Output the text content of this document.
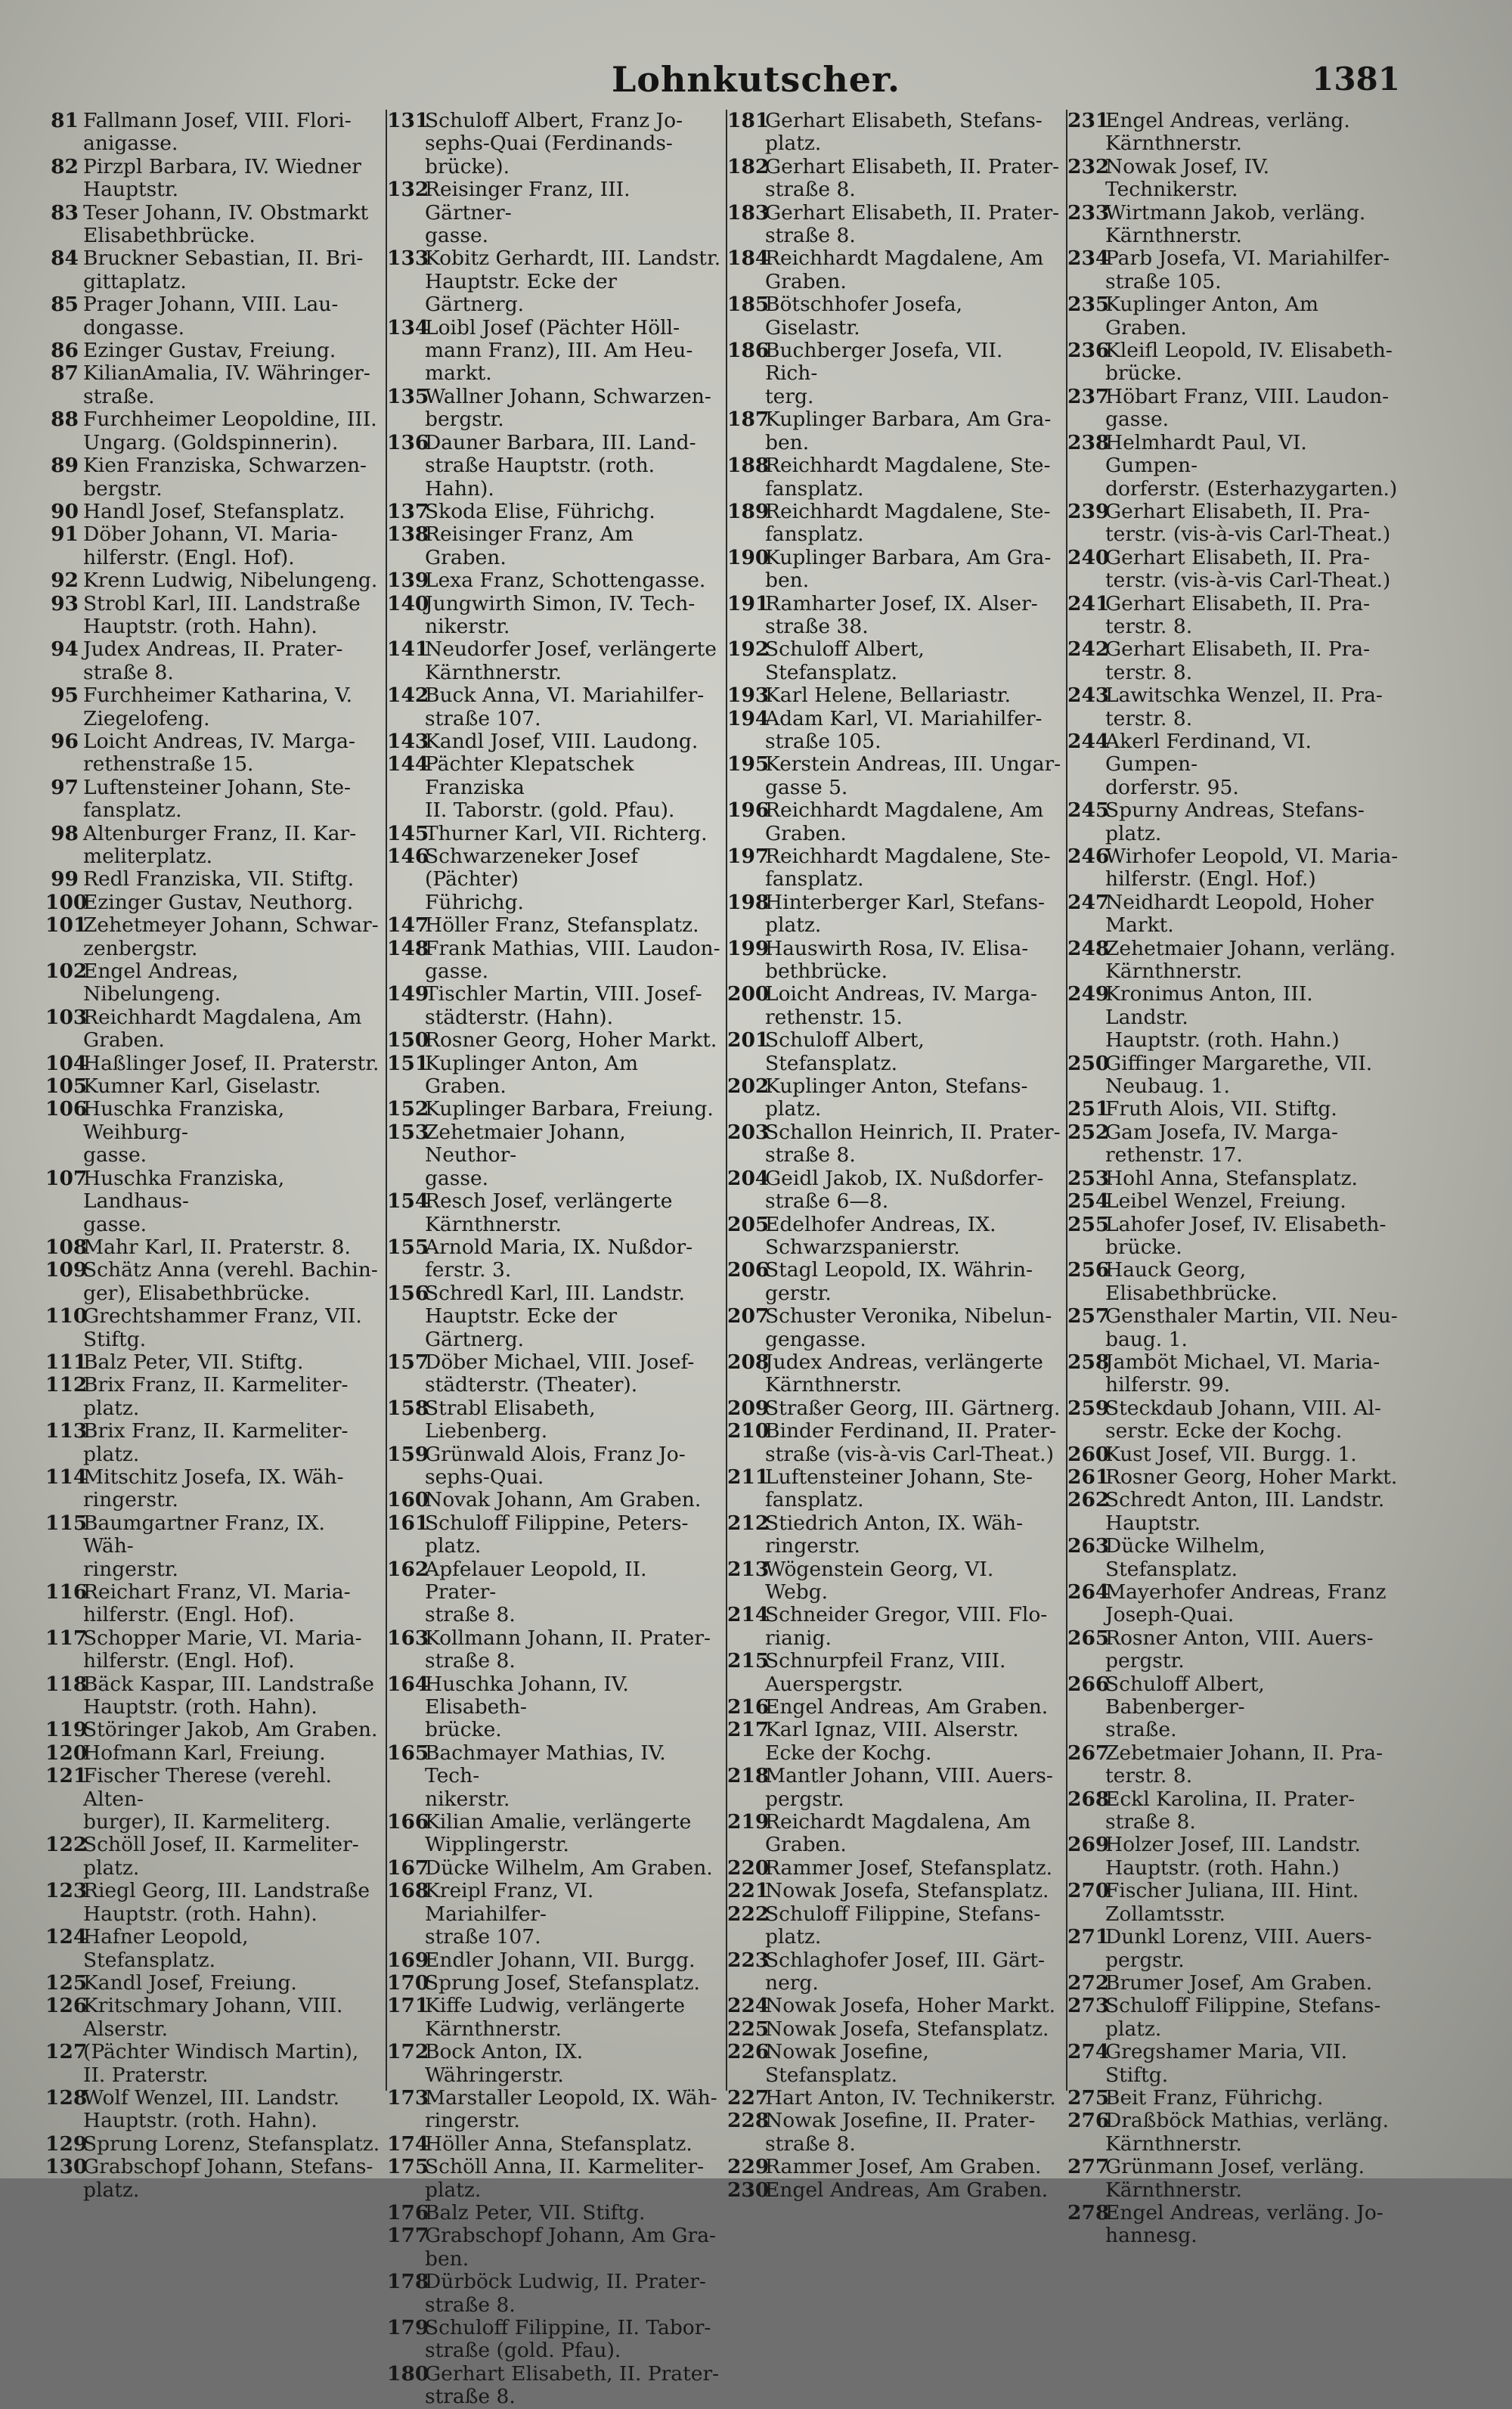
Lohnkutscher.	1381
81 Fallmann Josef, VIII. Flori-
anigasse.
82 Pirzpl Barbara, IV. Wiedner
Hauptstr.
83 Teser Johann, IV. Obstmarkt
Elisabethbrücke.
84 Bruckner Sebastian, II. Bri-
gittaplatz.
85 Prager Johann, VIII. Lau-
dongasse.
86 Ezinger Gustav, Freiung.
87 KilianAmalia, IV. Währinger-
straße.
88 Furchheimer Leopoldine, III.
Ungarg. (Goldspinnerin).
89 Kien Franziska, Schwarzen-
bergstr.
90 Handl Josef, Stefansplatz.
91 Döber Johann, VI. Maria-
hilferstr. (Engl. Hof).
92 Krenn Ludwig, Nibelungeng.
93 Strobl Karl, III. Landstraße
Hauptstr. (roth. Hahn).
94 Judex Andreas, II. Prater-
straße 8.
95 Furchheimer Katharina, V.
Ziegelofeng.
96 Loicht Andreas, IV. Marga-
rethenstraße 15.
97 Luftensteiner Johann, Ste-
fansplatz.
98 Altenburger Franz, II. Kar-
meliterplatz.
99 Redl Franziska, VII. Stiftg.
100
Ezinger Gustav, Neuthorg.
101
Zehetmeyer Johann, Schwar-
zenbergstr.
102
Engel Andreas, Nibelungeng.
103
Reichhardt Magdalena, Am
Graben.
104
Haßlinger Josef, II. Praterstr.
105
Kumner Karl, Giselastr.
106
Huschka Franziska, Weihburg-
gasse.
107
Huschka Franziska, Landhaus-
gasse.
108
Mahr Karl, II. Praterstr. 8.
109
Schätz Anna (verehl. Bachin-
ger), Elisabethbrücke.
110
Grechtshammer Franz, VII.
Stiftg.
111
Balz Peter, VII. Stiftg.
112
Brix Franz, II. Karmeliter-
platz.
113
Brix Franz, II. Karmeliter-
platz.
114
Mitschitz Josefa, IX. Wäh-
ringerstr.
115
Baumgartner Franz, IX. Wäh-
ringerstr.
116
Reichart Franz, VI. Maria-
hilferstr. (Engl. Hof).
117
Schopper Marie, VI. Maria-
hilferstr. (Engl. Hof).
118
Bäck Kaspar, III. Landstraße
Hauptstr. (roth. Hahn).
119
Störinger Jakob, Am Graben.
120
Hofmann Karl, Freiung.
121
Fischer Therese (verehl. Alten-
burger), II. Karmeliterg.
122
Schöll Josef, II. Karmeliter-
platz.
123
Riegl Georg, III. Landstraße
Hauptstr. (roth. Hahn).
124
Hafner Leopold, Stefansplatz.
125
Kandl Josef, Freiung.
126
Kritschmary Johann, VIII.
Alserstr.
127
(Pächter Windisch Martin),
II. Praterstr.
128
Wolf Wenzel, III. Landstr.
Hauptstr. (roth. Hahn).
129
Sprung Lorenz, Stefansplatz.
130
Grabschopf Johann, Stefans-
platz.
131
Schuloff Albert, Franz Jo-
sephs-Quai (Ferdinands-
brücke).
132
Reisinger Franz, III. Gärtner-
gasse.
133
Kobitz Gerhardt, III. Landstr.
Hauptstr. Ecke der Gärtnerg.
134
Loibl Josef (Pächter Höll-
mann Franz), III. Am Heu-
markt.
135
Wallner Johann, Schwarzen-
bergstr.
136
Dauner Barbara, III. Land-
straße Hauptstr. (roth. Hahn).
137
Skoda Elise, Führichg.
138
Reisinger Franz, Am Graben.
139
Lexa Franz, Schottengasse.
140
Jungwirth Simon, IV. Tech-
nikerstr.
141
Neudorfer Josef, verlängerte
Kärnthnerstr.
142
Buck Anna, VI. Mariahilfer-
straße 107.
143
Kandl Josef, VIII. Laudong.
144
Pächter Klepatschek Franziska
II. Taborstr. (gold. Pfau).
145
Thurner Karl, VII. Richterg.
146
Schwarzeneker Josef (Pächter)
Führichg.
147
Höller Franz, Stefansplatz.
148
Frank Mathias, VIII. Laudon-
gasse.
149
Tischler Martin, VIII. Josef-
städterstr. (Hahn).
150
Rosner Georg, Hoher Markt.
151
Kuplinger Anton, Am Graben.
152
Kuplinger Barbara, Freiung.
153
Zehetmaier Johann, Neuthor-
gasse.
154
Resch Josef, verlängerte
Kärnthnerstr.
155
Arnold Maria, IX. Nußdor-
ferstr. 3.
156
Schredl Karl, III. Landstr.
Hauptstr. Ecke der Gärtnerg.
157
Döber Michael, VIII. Josef-
städterstr. (Theater).
158
Strabl Elisabeth, Liebenberg.
159
Grünwald Alois, Franz Jo-
sephs-Quai.
160
Novak Johann, Am Graben.
161
Schuloff Filippine, Peters-
platz.
162
Apfelauer Leopold, II. Prater-
straße 8.
163
Kollmann Johann, II. Prater-
straße 8.
164
Huschka Johann, IV. Elisabeth-
brücke.
165
Bachmayer Mathias, IV. Tech-
nikerstr.
166
Kilian Amalie, verlängerte
Wipplingerstr.
167
Dücke Wilhelm, Am Graben.
168
Kreipl Franz, VI. Mariahilfer-
straße 107.
169
Endler Johann, VII. Burgg.
170
Sprung Josef, Stefansplatz.
171
Kiffe Ludwig, verlängerte
Kärnthnerstr.
172
Bock Anton, IX. Währingerstr.
173
Marstaller Leopold, IX. Wäh-
ringerstr.
174
Höller Anna, Stefansplatz.
175
Schöll Anna, II. Karmeliter-
platz.
176
Balz Peter, VII. Stiftg.
177
Grabschopf Johann, Am Gra-
ben.
178
Dürböck Ludwig, II. Prater-
straße 8.
179
Schuloff Filippine, II. Tabor-
straße (gold. Pfau).
180
Gerhart Elisabeth, II. Prater-
straße 8.
181
Gerhart Elisabeth, Stefans-
platz.
182
Gerhart Elisabeth, II. Prater-
straße 8.
183
Gerhart Elisabeth, II. Prater-
straße 8.
184
Reichhardt Magdalene, Am
Graben.
185
Bötschhofer Josefa, Giselastr.
186
Buchberger Josefa, VII. Rich-
terg.
187
Kuplinger Barbara, Am Gra-
ben.
188
Reichhardt Magdalene, Ste-
fansplatz.
189
Reichhardt Magdalene, Ste-
fansplatz.
190
Kuplinger Barbara, Am Gra-
ben.
191
Ramharter Josef, IX. Alser-
straße 38.
192
Schuloff Albert, Stefansplatz.
193
Karl Helene, Bellariastr.
194
Adam Karl, VI. Mariahilfer-
straße 105.
195
Kerstein Andreas, III. Ungar-
gasse 5.
196
Reichhardt Magdalene, Am
Graben.
197
Reichhardt Magdalene, Ste-
fansplatz.
198
Hinterberger Karl, Stefans-
platz.
199
Hauswirth Rosa, IV. Elisa-
bethbrücke.
200
Loicht Andreas, IV. Marga-
rethenstr. 15.
201
Schuloff Albert, Stefansplatz.
202
Kuplinger Anton, Stefans-
platz.
203
Schallon Heinrich, II. Prater-
straße 8.
204
Geidl Jakob, IX. Nußdorfer-
straße 6—8.
205
Edelhofer Andreas, IX.
Schwarzspanierstr.
206
Stagl Leopold, IX. Währin-
gerstr.
207
Schuster Veronika, Nibelun-
gengasse.
208
Judex Andreas, verlängerte
Kärnthnerstr.
209
Straßer Georg, III. Gärtnerg.
210
Binder Ferdinand, II. Prater-
straße (vis-à-vis Carl-Theat.)
211
Luftensteiner Johann, Ste-
fansplatz.
212
Stiedrich Anton, IX. Wäh-
ringerstr.
213
Wögenstein Georg, VI. Webg.
214
Schneider Gregor, VIII. Flo-
rianig.
215
Schnurpfeil Franz, VIII.
Auerspergstr.
216
Engel Andreas, Am Graben.
217
Karl Ignaz, VIII. Alserstr.
Ecke der Kochg.
218
Mantler Johann, VIII. Auers-
pergstr.
219
Reichardt Magdalena, Am
Graben.
220
Rammer Josef, Stefansplatz.
221
Nowak Josefa, Stefansplatz.
222
Schuloff Filippine, Stefans-
platz.
223
Schlaghofer Josef, III. Gärt-
nerg.
224
Nowak Josefa, Hoher Markt.
225
Nowak Josefa, Stefansplatz.
226
Nowak Josefine, Stefansplatz.
227
Hart Anton, IV. Technikerstr.
228
Nowak Josefine, II. Prater-
straße 8.
229
Rammer Josef, Am Graben.
230
Engel Andreas, Am Graben.
231
Engel Andreas, verläng.
Kärnthnerstr.
232
Nowak Josef, IV. Technikerstr.
233
Wirtmann Jakob, verläng.
Kärnthnerstr.
234
Parb Josefa, VI. Mariahilfer-
straße 105.
235
Kuplinger Anton, Am Graben.
236
Kleifl Leopold, IV. Elisabeth-
brücke.
237
Höbart Franz, VIII. Laudon-
gasse.
238
Helmhardt Paul, VI. Gumpen-
dorferstr. (Esterhazygarten.)
239
Gerhart Elisabeth, II. Pra-
terstr. (vis-à-vis Carl-Theat.)
240
Gerhart Elisabeth, II. Pra-
terstr. (vis-à-vis Carl-Theat.)
241
Gerhart Elisabeth, II. Pra-
terstr. 8.
242
Gerhart Elisabeth, II. Pra-
terstr. 8.
243
Lawitschka Wenzel, II. Pra-
terstr. 8.
244
Akerl Ferdinand, VI. Gumpen-
dorferstr. 95.
245
Spurny Andreas, Stefans-
platz.
246
Wirhofer Leopold, VI. Maria-
hilferstr. (Engl. Hof.)
247
Neidhardt Leopold, Hoher
Markt.
248
Zehetmaier Johann, verläng.
Kärnthnerstr.
249
Kronimus Anton, III. Landstr.
Hauptstr. (roth. Hahn.)
250
Giffinger Margarethe, VII.
Neubaug. 1.
251
Fruth Alois, VII. Stiftg.
252
Gam Josefa, IV. Marga-
rethenstr. 17.
253
Hohl Anna, Stefansplatz.
254
Leibel Wenzel, Freiung.
255
Lahofer Josef, IV. Elisabeth-
brücke.
256
Hauck Georg, Elisabethbrücke.
257
Gensthaler Martin, VII. Neu-
baug. 1.
258
Jamböt Michael, VI. Maria-
hilferstr. 99.
259
Steckdaub Johann, VIII. Al-
serstr. Ecke der Kochg.
260
Kust Josef, VII. Burgg. 1.
261
Rosner Georg, Hoher Markt.
262
Schredt Anton, III. Landstr.
Hauptstr.
263
Dücke Wilhelm, Stefansplatz.
264
Mayerhofer Andreas, Franz
Joseph-Quai.
265
Rosner Anton, VIII. Auers-
pergstr.
266
Schuloff Albert, Babenberger-
straße.
267
Zebetmaier Johann, II. Pra-
terstr. 8.
268
Eckl Karolina, II. Prater-
straße 8.
269
Holzer Josef, III. Landstr.
Hauptstr. (roth. Hahn.)
270
Fischer Juliana, III. Hint.
Zollamtsstr.
271
Dunkl Lorenz, VIII. Auers-
pergstr.
272
Brumer Josef, Am Graben.
273
Schuloff Filippine, Stefans-
platz.
274
Gregshamer Maria, VII.
Stiftg.
275
Beit Franz, Führichg.
276
Draßböck Mathias, verläng.
Kärnthnerstr.
277
Grünmann Josef, verläng.
Kärnthnerstr.
278
Engel Andreas, verläng. Jo-
hannesg.
